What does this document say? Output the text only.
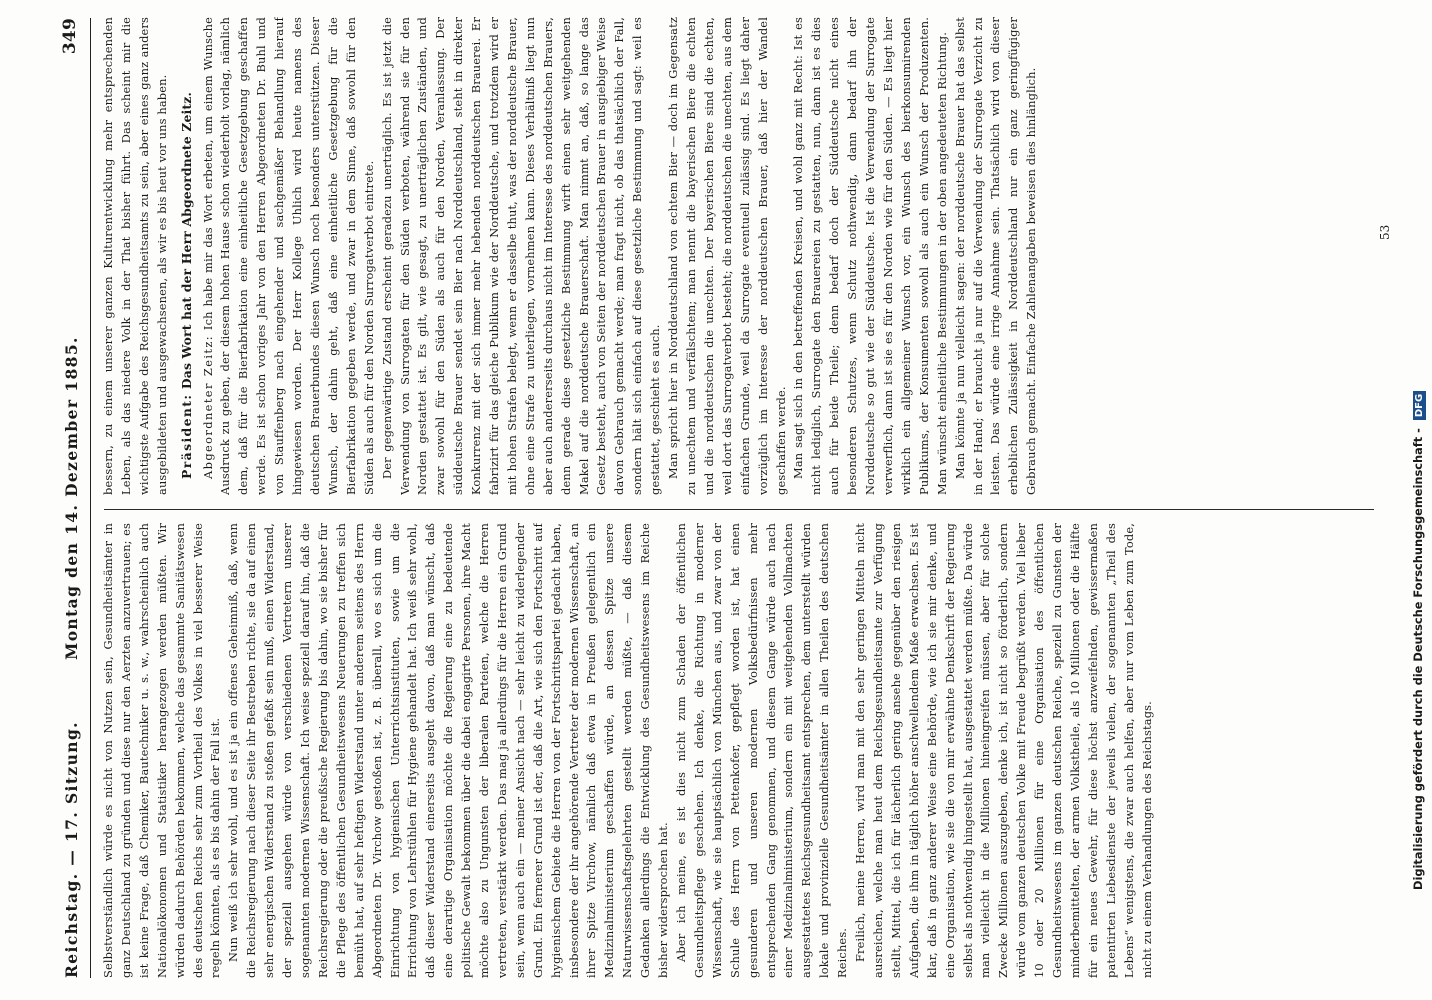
Reichstag. — 17. Sitzung.
Montag den 14. Dezember 1885.
349

Selbstverständlich würde es nicht von Nutzen sein, Gesundheitsämter in ganz Deutschland zu gründen und diese nur den Aerzten anzuvertrauen; es ist keine Frage, daß Chemiker, Bautechniker u. s. w., wahrscheinlich auch Nationalökonomen und Statistiker herangezogen werden müßten. Wir würden dadurch Behörden bekommen, welche das gesammte Sanitätswesen des deutschen Reichs sehr zum Vortheil des Volkes in viel besserer Weise regeln könnten, als es bis dahin der Fall ist. Nun weiß ich sehr wohl, und es ist ja ein offenes Geheimniß, daß, wenn die Reichsregierung nach dieser Seite ihr Bestreben richte, sie da auf einen sehr energischen Widerstand zu stoßen gefaßt sein muß, einen Widerstand, der speziell ausgehen würde von verschiedenen Vertretern unserer sogenannten modernen Wissenschaft. Ich weise speziell darauf hin, daß die Reichsregierung oder die preußische Regierung bis dahin, wo sie bisher für die Pflege des öffentlichen Gesundheitswesens Neuerungen zu treffen sich bemüht hat, auf sehr heftigen Widerstand unter anderem seitens des Herrn Abgeordneten Dr. Virchow gestoßen ist, z. B. überall, wo es sich um die Einrichtung von hygienischen Unterrichtsinstituten, sowie um die Errichtung von Lehrstühlen für Hygiene gehandelt hat. Ich weiß sehr wohl, daß dieser Widerstand einerseits ausgeht davon, daß man wünscht, daß eine derartige Organisation möchte die Regierung eine zu bedeutende politische Gewalt bekommen über die dabei engagirte Personen, ihre Macht möchte also zu Ungunsten der liberalen Parteien, welche die Herren vertreten, verstärkt werden. Das mag ja allerdings für die Herren ein Grund sein, wenn auch ein — meiner Ansicht nach — sehr leicht zu widerlegender Grund. Ein fernerer Grund ist der, daß die Art, wie sich den Fortschritt auf hygienischem Gebiete die Herren von der Fortschrittspartei gedacht haben, insbesondere der ihr angehörende Vertreter der modernen Wissenschaft, an ihrer Spitze Virchow, nämlich daß etwa in Preußen gelegentlich ein Medizinalministerium geschaffen würde, an dessen Spitze unsere Naturwissenschaftsgelehrten gestellt werden müßte, — daß diesem Gedanken allerdings die Entwicklung des Gesundheitswesens im Reiche bisher widersprochen hat. Aber ich meine, es ist dies nicht zum Schaden der öffentlichen Gesundheitspflege geschehen. Ich denke, die Richtung in moderner Wissenschaft, wie sie hauptsächlich von München aus, und zwar von der Schule des Herrn von Pettenkofer, gepflegt worden ist, hat einen gesunderen und unseren modernen Volksbedürfnissen mehr entsprechenden Gang genommen, und diesem Gange würde auch nach einer Medizinalministerium, sondern ein mit weitgehenden Vollmachten ausgestattetes Reichsgesundheitsamt entsprechen, dem unterstellt würden lokale und provinzielle Gesundheitsämter in allen Theilen des deutschen Reiches. Freilich, meine Herren, wird man mit den sehr geringen Mitteln nicht ausreichen, welche man heut dem Reichsgesundheitsamte zur Verfügung stellt, Mittel, die ich für lächerlich gering ansehe gegenüber den riesigen Aufgaben, die ihm in täglich höher anschwellendem Maße erwachsen. Es ist klar, daß in ganz anderer Weise eine Behörde, wie ich sie mir denke, und eine Organisation, wie sie die von mir erwähnte Denkschrift der Regierung selbst als nothwendig hingestellt hat, ausgestattet werden müßte. Da würde man vielleicht in die Millionen hineingreifen müssen, aber für solche Zwecke Millionen auszugeben, denke ich, ist nicht so förderlich, sondern würde vom ganzen deutschen Volke mit Freude begrüßt werden. Viel lieber 10 oder 20 Millionen für eine Organisation des öffentlichen Gesundheitswesens im ganzen deutschen Reiche, speziell zu Gunsten der minderbemittelten, der armen Volkstheile, als 10 Millionen oder die Hälfte für ein neues Gewehr, für diese höchst anzweifelnden, gewissermaßen patentirten Liebesdienste der jeweils vielen, der sogenannten „Theil des Lebens“ wenigstens, die zwar auch helfen, aber nur vom Leben zum Tode, nicht zu einem Verhandlungen des Reichstags.

bessern, zu einem unserer ganzen Kulturentwicklung mehr entsprechenden Leben, als das niedere Volk in der That bisher führt. Das scheint mir die wichtigste Aufgabe des Reichsgesundheitsamts zu sein, aber eines ganz anders ausgebildeten und ausgewachsenen, als wir es bis heut vor uns haben. Präsident: Das Wort hat der Herr Abgeordnete Zeitz.

Abgeordneter Zeitz: Ich habe mir das Wort erbeten, um einem Wunsche Ausdruck zu geben, der diesem hohen Hause schon wiederholt vorlag, nämlich dem, daß für die Bierfabrikation eine einheitliche Gesetzgebung geschaffen werde. Es ist schon voriges Jahr von den Herren Abgeordneten Dr. Buhl und von Stauffenberg nach eingehender und sachgemäßer Behandlung hierauf hingewiesen worden. Der Herr Kollege Uhlich wird heute namens des deutschen Brauerbundes diesen Wunsch noch besonders unterstützen. Dieser Wunsch, der dahin geht, daß eine einheitliche Gesetzgebung für die Bierfabrikation gegeben werde, und zwar in dem Sinne, daß sowohl für den Süden als auch für den Norden Surrogatverbot eintrete. Der gegenwärtige Zustand erscheint geradezu unerträglich. Es ist jetzt die Verwendung von Surrogaten für den Süden verboten, während sie für den Norden gestattet ist. Es gilt, wie gesagt, zu unerträglichen Zuständen, und zwar sowohl für den Süden als auch für den Norden, Veranlassung. Der süddeutsche Brauer sendet sein Bier nach Norddeutschland, steht in direkter Konkurrenz mit der sich immer mehr hebenden norddeutschen Brauerei. Er fabrizirt für das gleiche Publikum wie der Norddeutsche, und trotzdem wird er mit hohen Strafen belegt, wenn er dasselbe thut, was der norddeutsche Brauer, ohne eine Strafe zu unterliegen, vornehmen kann. Dieses Verhältniß liegt nun aber auch andererseits durchaus nicht im Interesse des norddeutschen Brauers, denn gerade diese gesetzliche Bestimmung wirft einen sehr weitgehenden Makel auf die norddeutsche Brauerschaft. Man nimmt an, daß, so lange das Gesetz besteht, auch von Seiten der norddeutschen Brauer in ausgiebiger Weise davon Gebrauch gemacht werde; man fragt nicht, ob das thatsächlich der Fall, sondern hält sich einfach auf diese gesetzliche Bestimmung und sagt: weil es gestattet, geschieht es auch. Man spricht hier in Norddeutschland von echtem Bier — doch im Gegensatz zu unechtem und verfälschtem; man nennt die bayerischen Biere die echten und die norddeutschen die unechten. Der bayerischen Biere sind die echten, weil dort das Surrogatverbot besteht; die norddeutschen die unechten, aus dem einfachen Grunde, weil da Surrogate eventuell zulässig sind. Es liegt daher vorzüglich im Interesse der norddeutschen Brauer, daß hier der Wandel geschaffen werde. Man sagt sich in den betreffenden Kreisen, und wohl ganz mit Recht: Ist es nicht lediglich, Surrogate den Brauereien zu gestatten, nun, dann ist es dies auch für beide Theile; denn bedarf doch der Süddeutsche nicht eines besonderen Schutzes, wenn Schutz nothwendig, dann bedarf ihn der Norddeutsche so gut wie der Süddeutsche. Ist die Verwendung der Surrogate verwerflich, dann ist sie es für den Norden wie für den Süden. — Es liegt hier wirklich ein allgemeiner Wunsch vor, ein Wunsch des bierkonsumirenden Publikums, der Konsumenten sowohl als auch ein Wunsch der Produzenten. Man wünscht einheitliche Bestimmungen in der oben angedeuteten Richtung. Man könnte ja nun vielleicht sagen: der norddeutsche Brauer hat das selbst in der Hand; er braucht ja nur auf die Verwendung der Surrogate Verzicht zu leisten. Das würde eine irrige Annahme sein. Thatsächlich wird von dieser erheblichen Zulässigkeit in Norddeutschland nur ein ganz geringfügiger Gebrauch gemacht. Einfache Zahlenangaben beweisen dies hinlänglich.	53
Digitalisierung gefördert durch die Deutsche Forschungsgemeinschaft - DFG
